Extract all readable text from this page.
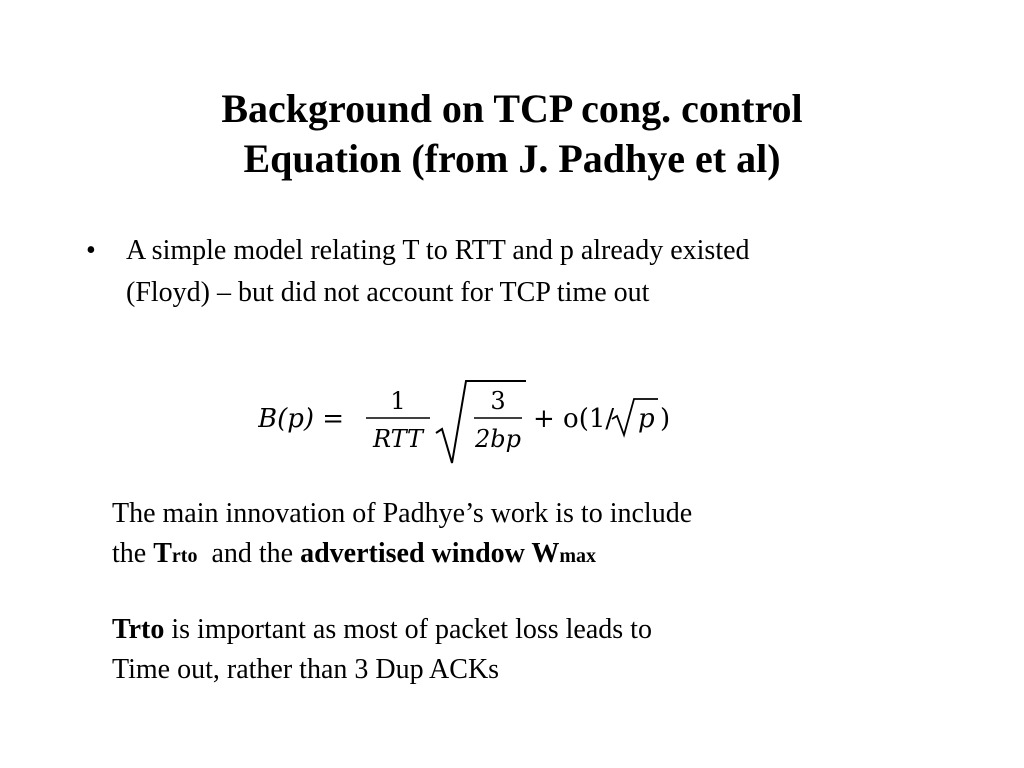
Background on TCP cong. control
Equation (from J. Padhye et al)
• A simple model relating T to RTT and p already existed
(Floyd) – but did not account for TCP time out
B(p) =
1
RTT
3
2bp
+ o(1/ p )
The main innovation of Padhye’s work is to include
the Trto  and the advertised window Wmax
Trto is important as most of packet loss leads to
Time out, rather than 3 Dup ACKs
